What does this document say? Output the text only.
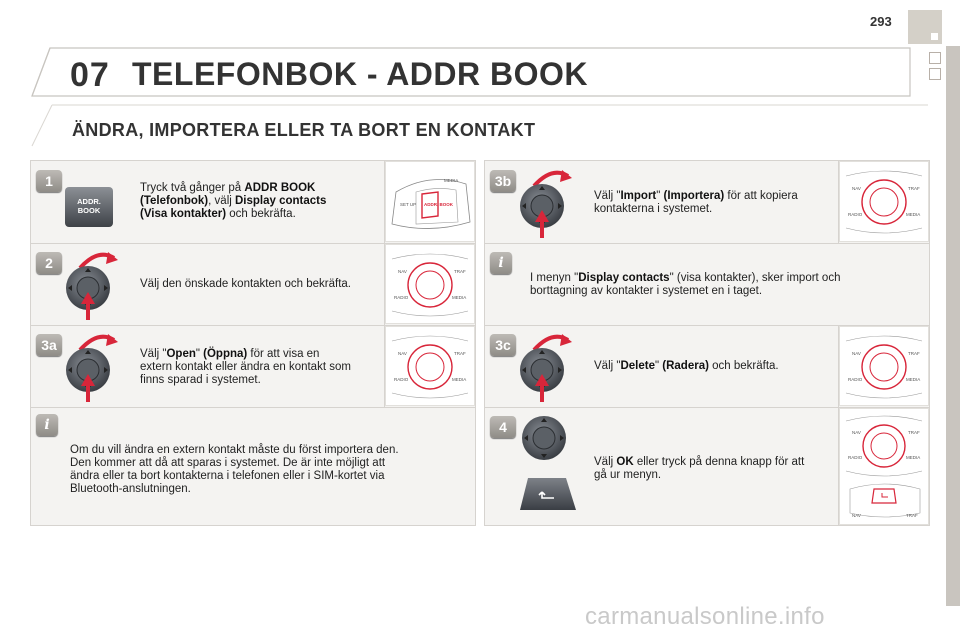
293
07 TELEFONBOK - ADDR BOOK
ÄNDRA, IMPORTERA ELLER TA BORT EN KONTAKT
1
ADDR.
BOOK
Tryck två gånger på ADDR BOOK
(Telefonbok), välj Display contacts
(Visa kontakter) och bekräfta.
MEDIA
SET UP ADDR. BOOK
2
Välj den önskade kontakten och bekräfta.
NAV	TRAF
RADIO	MEDIA
3a
Välj "Open" (Öppna) för att visa en
extern kontakt eller ändra en kontakt som
finns sparad i systemet.
NAV	TRAF
RADIO	MEDIA
i
Om du vill ändra en extern kontakt måste du först importera den.
Den kommer att då att sparas i systemet. De är inte möjligt att
ändra eller ta bort kontakterna i telefonen eller i SIM-kortet via
Bluetooth-anslutningen.
3b
Välj "Import" (Importera) för att kopiera
kontakterna i systemet.
NAV	TRAF
RADIO	MEDIA
i
I menyn "Display contacts" (visa kontakter), sker import och
borttagning av kontakter i systemet en i taget.
3c
Välj "Delete" (Radera) och bekräfta.
NAV	TRAF
RADIO	MEDIA
4
Välj OK eller tryck på denna knapp för att
gå ur menyn.
NAV	TRAF
RADIO	MEDIA
NAV	TRAF
carmanualsonline.info
